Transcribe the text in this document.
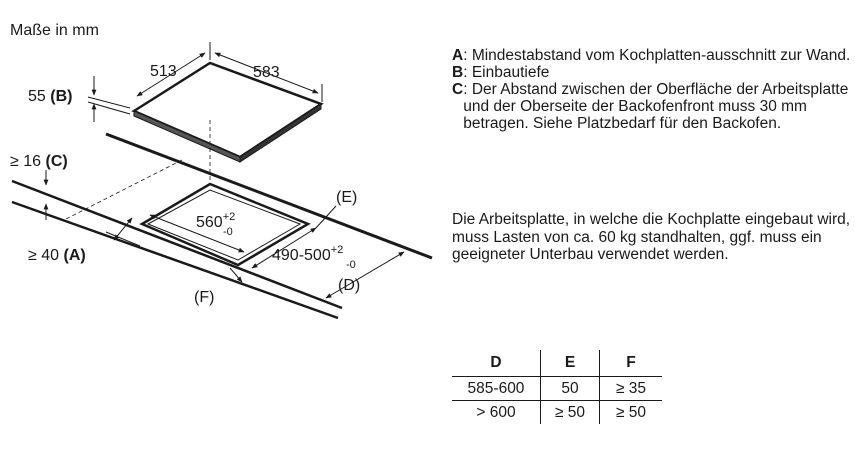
513	583
55 (B)
≥ 16 (C)
(E)
$560^{+2}$
-0
≥ 40 (A)	$490-500^{+2}$
-0
(F)
(D)
Maße in mm
A : Mindestabstand vom Kochplatten-ausschnitt zur Wand.
B : Einbautiefe
C : Der Abstand zwischen der Oberfläche der Arbeitsplatte und der Oberseite der Backofenfront muss 30 mm betragen. Siehe Platzbedarf für den Backofen.
Die Arbeitsplatte, in welche die Kochplatte eingebaut wird, muss Lasten von ca. 60 kg standhalten, ggf. muss ein geeigneter Unterbau verwendet werden.
D	E	F
585-600	50	≥ 35
> 600	≥ 50	≥ 50
